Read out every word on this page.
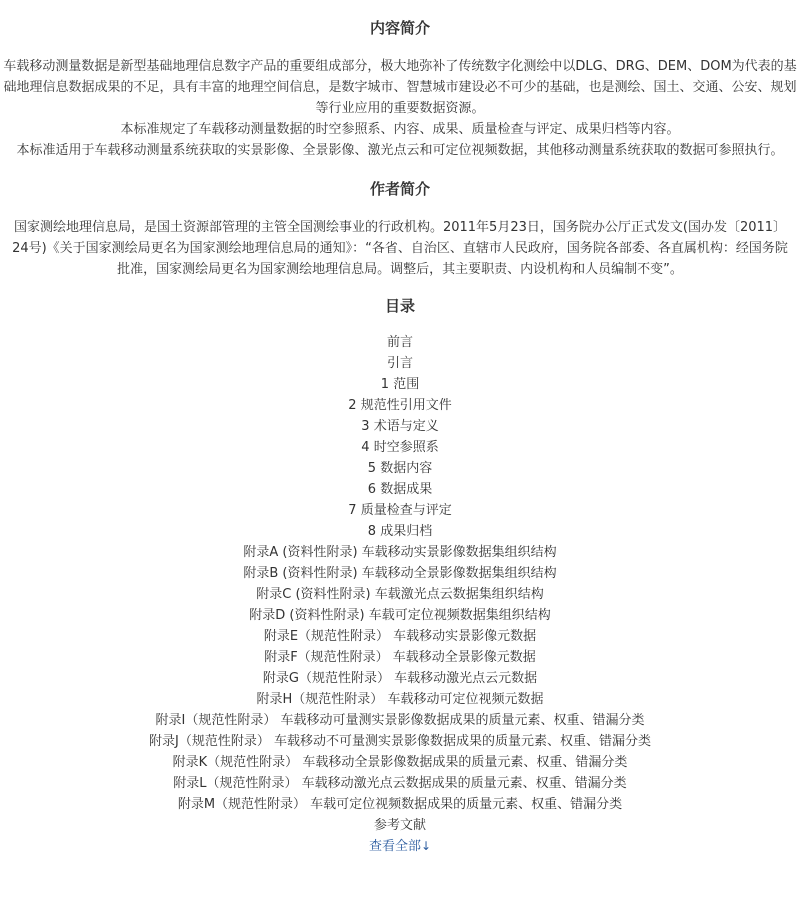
内容简介

车载移动测量数据是新型基础地理信息数字产品的重要组成部分，极大地弥补了传统数字化测绘中以DLG、DRG、DEM、DOM为代表的基础地理信息数据成果的不足，具有丰富的地理空间信息，是数字城市、智慧城市建设必不可少的基础，也是测绘、国土、交通、公安、规划等行业应用的重要数据资源。

本标准规定了车载移动测量数据的时空参照系、内容、成果、质量检查与评定、成果归档等内容。

本标准适用于车载移动测量系统获取的实景影像、全景影像、激光点云和可定位视频数据，其他移动测量系统获取的数据可参照执行。

作者简介

国家测绘地理信息局，是国土资源部管理的主管全国测绘事业的行政机构。2011年5月23日，国务院办公厅正式发文(国办发〔2011〕24号)《关于国家测绘局更名为国家测绘地理信息局的通知》：“各省、自治区、直辖市人民政府，国务院各部委、各直属机构：经国务院批准，国家测绘局更名为国家测绘地理信息局。调整后，其主要职责、内设机构和人员编制不变”。

目录
前言
引言
1 范围
2 规范性引用文件
3 术语与定义
4 时空参照系
5 数据内容
6 数据成果
7 质量检查与评定
8 成果归档
附录A (资料性附录) 车载移动实景影像数据集组织结构
附录B (资料性附录) 车载移动全景影像数据集组织结构
附录C (资料性附录) 车载激光点云数据集组织结构
附录D (资料性附录) 车载可定位视频数据集组织结构
附录E（规范性附录） 车载移动实景影像元数据
附录F（规范性附录） 车载移动全景影像元数据
附录G（规范性附录） 车载移动激光点云元数据
附录H（规范性附录） 车载移动可定位视频元数据
附录I（规范性附录） 车载移动可量测实景影像数据成果的质量元素、权重、错漏分类
附录J（规范性附录） 车载移动不可量测实景影像数据成果的质量元素、权重、错漏分类
附录K（规范性附录） 车载移动全景影像数据成果的质量元素、权重、错漏分类
附录L（规范性附录） 车载移动激光点云数据成果的质量元素、权重、错漏分类
附录M（规范性附录） 车载可定位视频数据成果的质量元素、权重、错漏分类
参考文献
查看全部↓
